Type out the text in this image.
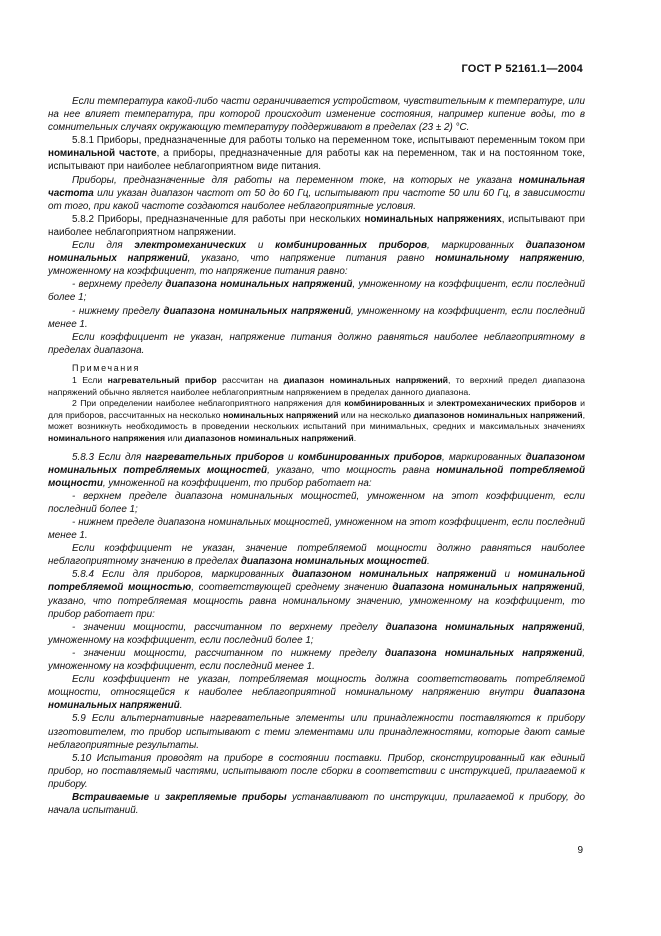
ГОСТ Р 52161.1—2004

Если температура какой-либо части ограничивается устройством, чувствительным к температуре, или на нее влияет температура, при которой происходит изменение состояния, например кипение воды, то в сомнительных случаях окружающую температуру поддерживают в пределах (23 ± 2) °С.

5.8.1 Приборы, предназначенные для работы только на переменном токе, испытывают переменным током при номинальной частоте, а приборы, предназначенные для работы как на переменном, так и на постоянном токе, испытывают при наиболее неблагоприятном виде питания.

Приборы, предназначенные для работы на переменном токе, на которых не указана номинальная частота или указан диапазон частот от 50 до 60 Гц, испытывают при частоте 50 или 60 Гц, в зависимости от того, при какой частоте создаются наиболее неблагоприятные условия.

5.8.2 Приборы, предназначенные для работы при нескольких номинальных напряжениях, испытывают при наиболее неблагоприятном напряжении.

Если для электромеханических и комбинированных приборов, маркированных диапазоном номинальных напряжений, указано, что напряжение питания равно номинальному напряжению, умноженному на коэффициент, то напряжение питания равно:

- верхнему пределу диапазона номинальных напряжений, умноженному на коэффициент, если последний более 1;

- нижнему пределу диапазона номинальных напряжений, умноженному на коэффициент, если последний менее 1.

Если коэффициент не указан, напряжение питания должно равняться наиболее неблагоприятному в пределах диапазона.

Примечания

1 Если нагревательный прибор рассчитан на диапазон номинальных напряжений, то верхний предел диапазона напряжений обычно является наиболее неблагоприятным напряжением в пределах данного диапазона.

2 При определении наиболее неблагоприятного напряжения для комбинированных и электромеханических приборов и для приборов, рассчитанных на несколько номинальных напряжений или на несколько диапазонов номинальных напряжений, может возникнуть необходимость в проведении нескольких испытаний при минимальных, средних и максимальных значениях номинального напряжения или диапазонов номинальных напряжений.

5.8.3 Если для нагревательных приборов и комбинированных приборов, маркированных диапазоном номинальных потребляемых мощностей, указано, что мощность равна номинальной потребляемой мощности, умноженной на коэффициент, то прибор работает на:

- верхнем пределе диапазона номинальных мощностей, умноженном на этот коэффициент, если последний более 1;

- нижнем пределе диапазона номинальных мощностей, умноженном на этот коэффициент, если последний менее 1.

Если коэффициент не указан, значение потребляемой мощности должно равняться наиболее неблагоприятному значению в пределах диапазона номинальных мощностей.

5.8.4 Если для приборов, маркированных диапазоном номинальных напряжений и номинальной потребляемой мощностью, соответствующей среднему значению диапазона номинальных напряжений, указано, что потребляемая мощность равна номинальному значению, умноженному на коэффициент, то прибор работает при:

- значении мощности, рассчитанном по верхнему пределу диапазона номинальных напряжений, умноженному на коэффициент, если последний более 1;

- значении мощности, рассчитанном по нижнему пределу диапазона номинальных напряжений, умноженному на коэффициент, если последний менее 1.

Если коэффициент не указан, потребляемая мощность должна соответствовать потребляемой мощности, относящейся к наиболее неблагоприятной номинальному напряжению внутри диапазона номинальных напряжений.

5.9 Если альтернативные нагревательные элементы или принадлежности поставляются к прибору изготовителем, то прибор испытывают с теми элементами или принадлежностями, которые дают самые неблагоприятные результаты.

5.10 Испытания проводят на приборе в состоянии поставки. Прибор, сконструированный как единый прибор, но поставляемый частями, испытывают после сборки в соответствии с инструкцией, прилагаемой к прибору.

Встраиваемые и закрепляемые приборы устанавливают по инструкции, прилагаемой к прибору, до начала испытаний.

9
